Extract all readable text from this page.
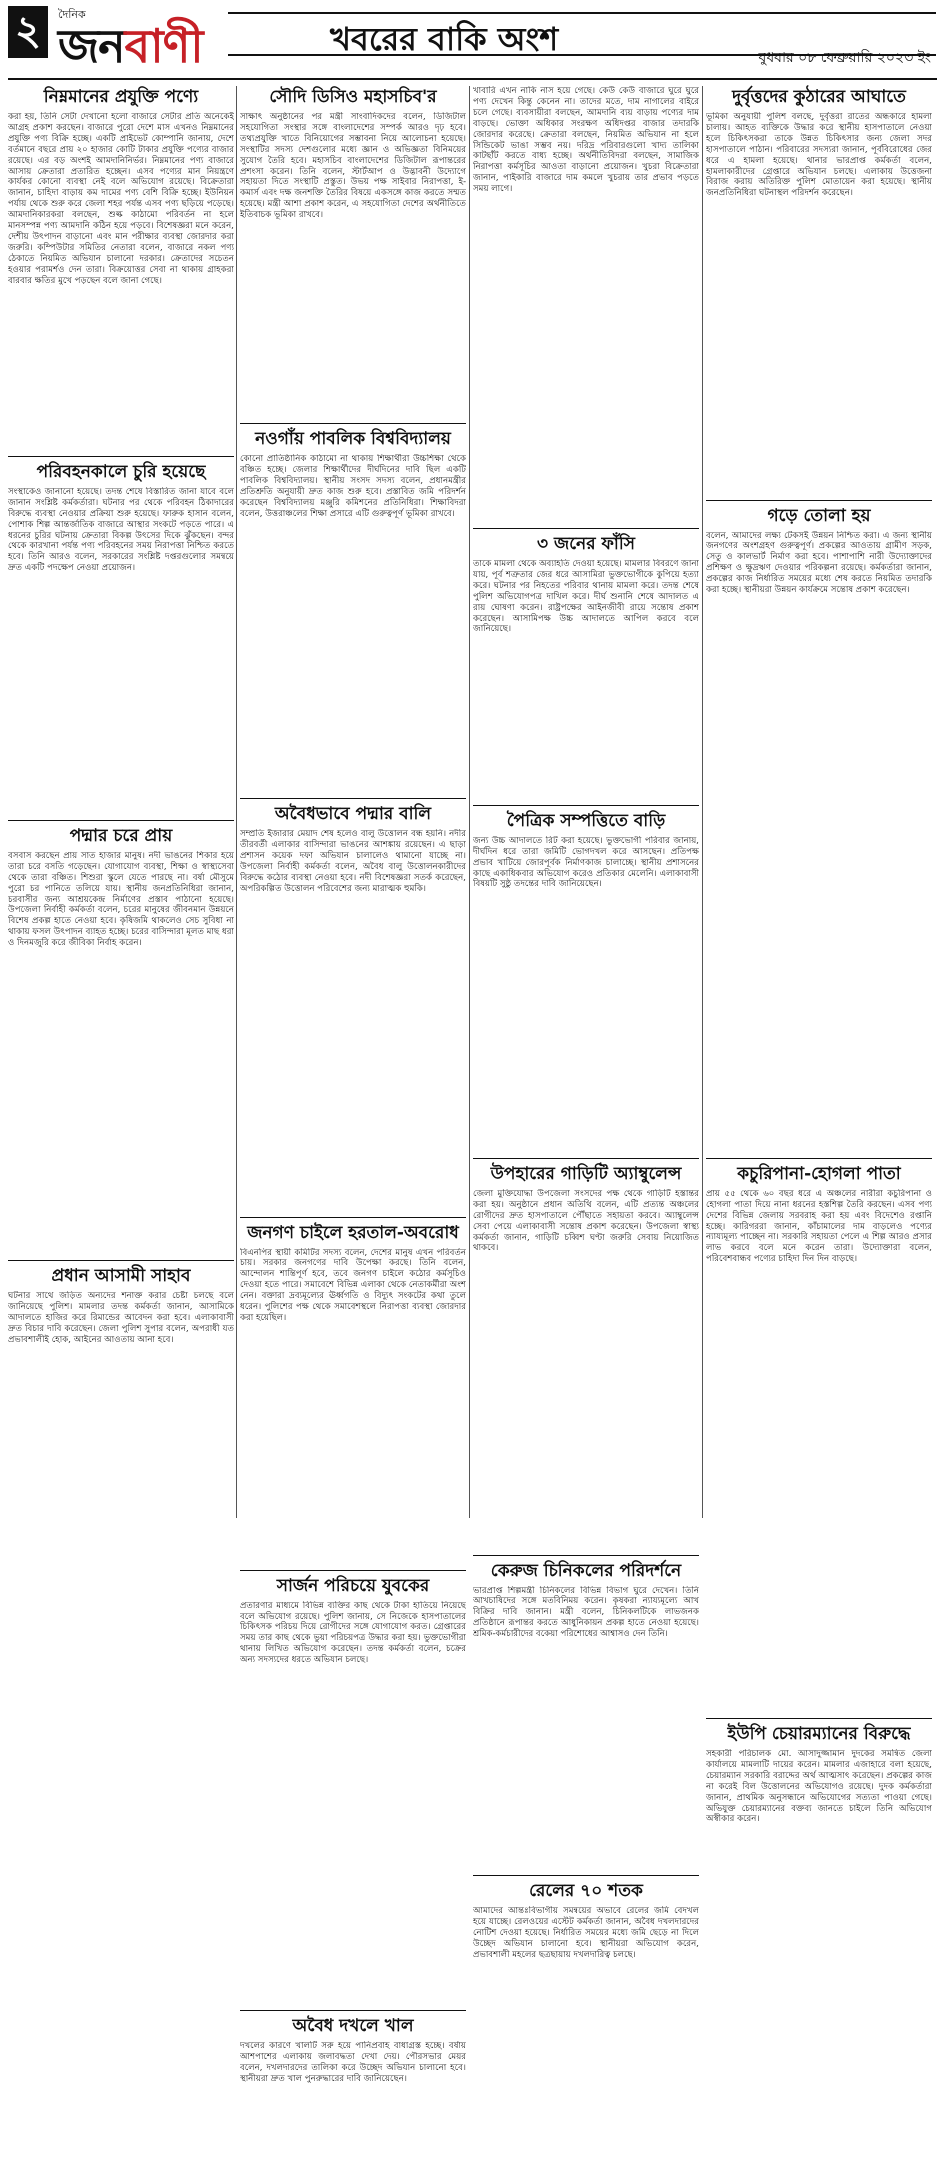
২	দৈনিক
জনবাণী	খবরের বাকি অংশ	বুধবার ০৮ ফেব্রুয়ারি ২০২৩ ইং
নিম্নমানের প্রযুক্তি পণ্যে

করা হয়, তিনি সেটা দেখানো হলো বাজারে সেটার প্রতি অনেকেই আগ্রহ প্রকাশ করছেন। বাজারে পুরো দেশে মাস এখনও নিম্নমানের প্রযুক্তি পণ্য বিক্রি হচ্ছে। একটি প্রাইভেট কোম্পানি জানায়, দেশে বর্তমানে বছরে প্রায় ২০ হাজার কোটি টাকার প্রযুক্তি পণ্যের বাজার রয়েছে। এর বড় অংশই আমদানিনির্ভর। নিম্নমানের পণ্য বাজারে আসায় ক্রেতারা প্রতারিত হচ্ছেন। এসব পণ্যের মান নিয়ন্ত্রণে কার্যকর কোনো ব্যবস্থা নেই বলে অভিযোগ রয়েছে। বিক্রেতারা জানান, চাহিদা বাড়ায় কম দামের পণ্য বেশি বিক্রি হচ্ছে। ইউনিয়ন পর্যায় থেকে শুরু করে জেলা শহর পর্যন্ত এসব পণ্য ছড়িয়ে পড়েছে। আমদানিকারকরা বলছেন, শুল্ক কাঠামো পরিবর্তন না হলে মানসম্পন্ন পণ্য আমদানি কঠিন হয়ে পড়বে। বিশেষজ্ঞরা মনে করেন, দেশীয় উৎপাদন বাড়ানো এবং মান পরীক্ষার ব্যবস্থা জোরদার করা জরুরি। কম্পিউটার সমিতির নেতারা বলেন, বাজারে নকল পণ্য ঠেকাতে নিয়মিত অভিযান চালানো দরকার। ক্রেতাদের সচেতন হওয়ার পরামর্শও দেন তারা। বিক্রয়োত্তর সেবা না থাকায় গ্রাহকরা বারবার ক্ষতির মুখে পড়ছেন বলে জানা গেছে।

পরিবহনকালে চুরি হয়েছে

সংস্থাকেও জানানো হয়েছে। তদন্ত শেষে বিস্তারিত জানা যাবে বলে জানান সংশ্লিষ্ট কর্মকর্তারা। ঘটনার পর থেকে পরিবহন ঠিকাদারের বিরুদ্ধে ব্যবস্থা নেওয়ার প্রক্রিয়া শুরু হয়েছে। ফারুক হাসান বলেন, পোশাক শিল্প আন্তর্জাতিক বাজারে আস্থার সংকটে পড়তে পারে। এ ধরনের চুরির ঘটনায় ক্রেতারা বিকল্প উৎসের দিকে ঝুঁকছেন। বন্দর থেকে কারখানা পর্যন্ত পণ্য পরিবহনের সময় নিরাপত্তা নিশ্চিত করতে হবে। তিনি আরও বলেন, সরকারের সংশ্লিষ্ট দপ্তরগুলোর সমন্বয়ে দ্রুত একটি পদক্ষেপ নেওয়া প্রয়োজন।

পদ্মার চরে প্রায়

বসবাস করছেন প্রায় সাত হাজার মানুষ। নদী ভাঙনের শিকার হয়ে তারা চরে বসতি গড়েছেন। যোগাযোগ ব্যবস্থা, শিক্ষা ও স্বাস্থ্যসেবা থেকে তারা বঞ্চিত। শিশুরা স্কুলে যেতে পারছে না। বর্ষা মৌসুমে পুরো চর পানিতে তলিয়ে যায়। স্থানীয় জনপ্রতিনিধিরা জানান, চরবাসীর জন্য আশ্রয়কেন্দ্র নির্মাণের প্রস্তাব পাঠানো হয়েছে। উপজেলা নির্বাহী কর্মকর্তা বলেন, চরের মানুষের জীবনমান উন্নয়নে বিশেষ প্রকল্প হাতে নেওয়া হবে। কৃষিজমি থাকলেও সেচ সুবিধা না থাকায় ফসল উৎপাদন ব্যাহত হচ্ছে। চরের বাসিন্দারা মূলত মাছ ধরা ও দিনমজুরি করে জীবিকা নির্বাহ করেন।

প্রধান আসামী সাহাব

ঘটনার সাথে জড়িত অন্যদের শনাক্ত করার চেষ্টা চলছে বলে জানিয়েছে পুলিশ। মামলার তদন্ত কর্মকর্তা জানান, আসামিকে আদালতে হাজির করে রিমান্ডের আবেদন করা হবে। এলাকাবাসী দ্রুত বিচার দাবি করেছেন। জেলা পুলিশ সুপার বলেন, অপরাধী যত প্রভাবশালীই হোক, আইনের আওতায় আনা হবে।

সৌদি ডিসিও মহাসচিব'র

সাক্ষাৎ অনুষ্ঠানের পর মন্ত্রী সাংবাদিকদের বলেন, ডিজিটাল সহযোগিতা সংস্থার সঙ্গে বাংলাদেশের সম্পর্ক আরও দৃঢ় হবে। তথ্যপ্রযুক্তি খাতে বিনিয়োগের সম্ভাবনা নিয়ে আলোচনা হয়েছে। সংস্থাটির সদস্য দেশগুলোর মধ্যে জ্ঞান ও অভিজ্ঞতা বিনিময়ের সুযোগ তৈরি হবে। মহাসচিব বাংলাদেশের ডিজিটাল রূপান্তরের প্রশংসা করেন। তিনি বলেন, স্টার্টআপ ও উদ্ভাবনী উদ্যোগে সহায়তা দিতে সংস্থাটি প্রস্তুত। উভয় পক্ষ সাইবার নিরাপত্তা, ই-কমার্স এবং দক্ষ জনশক্তি তৈরির বিষয়ে একসঙ্গে কাজ করতে সম্মত হয়েছে। মন্ত্রী আশা প্রকাশ করেন, এ সহযোগিতা দেশের অর্থনীতিতে ইতিবাচক ভূমিকা রাখবে।

নওগাঁয় পাবলিক বিশ্ববিদ্যালয়

কোনো প্রাতিষ্ঠানিক কাঠামো না থাকায় শিক্ষার্থীরা উচ্চশিক্ষা থেকে বঞ্চিত হচ্ছে। জেলার শিক্ষার্থীদের দীর্ঘদিনের দাবি ছিল একটি পাবলিক বিশ্ববিদ্যালয়। স্থানীয় সংসদ সদস্য বলেন, প্রধানমন্ত্রীর প্রতিশ্রুতি অনুযায়ী দ্রুত কাজ শুরু হবে। প্রস্তাবিত জমি পরিদর্শন করেছেন বিশ্ববিদ্যালয় মঞ্জুরি কমিশনের প্রতিনিধিরা। শিক্ষাবিদরা বলেন, উত্তরাঞ্চলের শিক্ষা প্রসারে এটি গুরুত্বপূর্ণ ভূমিকা রাখবে।

অবৈধভাবে পদ্মার বালি

সম্প্রতি ইজারার মেয়াদ শেষ হলেও বালু উত্তোলন বন্ধ হয়নি। নদীর তীরবর্তী এলাকার বাসিন্দারা ভাঙনের আশঙ্কায় রয়েছেন। এ ছাড়া প্রশাসন কয়েক দফা অভিযান চালালেও থামানো যাচ্ছে না। উপজেলা নির্বাহী কর্মকর্তা বলেন, অবৈধ বালু উত্তোলনকারীদের বিরুদ্ধে কঠোর ব্যবস্থা নেওয়া হবে। নদী বিশেষজ্ঞরা সতর্ক করেছেন, অপরিকল্পিত উত্তোলন পরিবেশের জন্য মারাত্মক হুমকি।

জনগণ চাইলে হরতাল-অবরোধ

বিএনপির স্থায়ী কমিটির সদস্য বলেন, দেশের মানুষ এখন পরিবর্তন চায়। সরকার জনগণের দাবি উপেক্ষা করছে। তিনি বলেন, আন্দোলন শান্তিপূর্ণ হবে, তবে জনগণ চাইলে কঠোর কর্মসূচিও দেওয়া হতে পারে। সমাবেশে বিভিন্ন এলাকা থেকে নেতাকর্মীরা অংশ নেন। বক্তারা দ্রব্যমূল্যের ঊর্ধ্বগতি ও বিদ্যুৎ সংকটের কথা তুলে ধরেন। পুলিশের পক্ষ থেকে সমাবেশস্থলে নিরাপত্তা ব্যবস্থা জোরদার করা হয়েছিল।

সার্জন পরিচয়ে যুবকের

প্রতারণার মাধ্যমে বিভিন্ন ব্যক্তির কাছ থেকে টাকা হাতিয়ে নিয়েছে বলে অভিযোগ রয়েছে। পুলিশ জানায়, সে নিজেকে হাসপাতালের চিকিৎসক পরিচয় দিয়ে রোগীদের সঙ্গে যোগাযোগ করত। গ্রেপ্তারের সময় তার কাছ থেকে ভুয়া পরিচয়পত্র উদ্ধার করা হয়। ভুক্তভোগীরা থানায় লিখিত অভিযোগ করেছেন। তদন্ত কর্মকর্তা বলেন, চক্রের অন্য সদস্যদের ধরতে অভিযান চলছে।

অবৈধ দখলে খাল

দখলের কারণে খালটি সরু হয়ে পানিপ্রবাহ বাধাগ্রস্ত হচ্ছে। বর্ষায় আশপাশের এলাকায় জলাবদ্ধতা দেখা দেয়। পৌরসভার মেয়র বলেন, দখলদারদের তালিকা করে উচ্ছেদ অভিযান চালানো হবে। স্থানীয়রা দ্রুত খাল পুনরুদ্ধারের দাবি জানিয়েছেন।

খাবারি এখন নাকি নাস হয়ে গেছে। কেউ কেউ বাজারে ঘুরে ঘুরে পণ্য দেখেন কিন্তু কেনেন না। তাদের মতে, দাম নাগালের বাইরে চলে গেছে। ব্যবসায়ীরা বলছেন, আমদানি ব্যয় বাড়ায় পণ্যের দাম বাড়ছে। ভোক্তা অধিকার সংরক্ষণ অধিদপ্তর বাজার তদারকি জোরদার করেছে। ক্রেতারা বলছেন, নিয়মিত অভিযান না হলে সিন্ডিকেট ভাঙা সম্ভব নয়। দরিদ্র পরিবারগুলো খাদ্য তালিকা কাটছাঁট করতে বাধ্য হচ্ছে। অর্থনীতিবিদরা বলছেন, সামাজিক নিরাপত্তা কর্মসূচির আওতা বাড়ানো প্রয়োজন। খুচরা বিক্রেতারা জানান, পাইকারি বাজারে দাম কমলে খুচরায় তার প্রভাব পড়তে সময় লাগে।

৩ জনের ফাঁসি

তাকে মামলা থেকে অব্যাহতি দেওয়া হয়েছে। মামলার বিবরণে জানা যায়, পূর্ব শত্রুতার জের ধরে আসামিরা ভুক্তভোগীকে কুপিয়ে হত্যা করে। ঘটনার পর নিহতের পরিবার থানায় মামলা করে। তদন্ত শেষে পুলিশ অভিযোগপত্র দাখিল করে। দীর্ঘ শুনানি শেষে আদালত এ রায় ঘোষণা করেন। রাষ্ট্রপক্ষের আইনজীবী রায়ে সন্তোষ প্রকাশ করেছেন। আসামিপক্ষ উচ্চ আদালতে আপিল করবে বলে জানিয়েছে।

পৈত্রিক সম্পত্তিতে বাড়ি

জন্য উচ্চ আদালতে রিট করা হয়েছে। ভুক্তভোগী পরিবার জানায়, দীর্ঘদিন ধরে তারা জমিটি ভোগদখল করে আসছেন। প্রতিপক্ষ প্রভাব খাটিয়ে জোরপূর্বক নির্মাণকাজ চালাচ্ছে। স্থানীয় প্রশাসনের কাছে একাধিকবার অভিযোগ করেও প্রতিকার মেলেনি। এলাকাবাসী বিষয়টি সুষ্ঠু তদন্তের দাবি জানিয়েছেন।

উপহারের গাড়িটি অ্যাম্বুলেন্স

জেলা মুক্তিযোদ্ধা উপজেলা সংসদের পক্ষ থেকে গাড়িটি হস্তান্তর করা হয়। অনুষ্ঠানে প্রধান অতিথি বলেন, এটি প্রত্যন্ত অঞ্চলের রোগীদের দ্রুত হাসপাতালে পৌঁছাতে সহায়তা করবে। অ্যাম্বুলেন্স সেবা পেয়ে এলাকাবাসী সন্তোষ প্রকাশ করেছেন। উপজেলা স্বাস্থ্য কর্মকর্তা জানান, গাড়িটি চব্বিশ ঘণ্টা জরুরি সেবায় নিয়োজিত থাকবে।

কেরুজ চিনিকলের পরিদর্শনে

ভারপ্রাপ্ত শিল্পমন্ত্রী চিনিকলের বিভিন্ন বিভাগ ঘুরে দেখেন। তিনি আখচাষিদের সঙ্গে মতবিনিময় করেন। কৃষকরা ন্যায্যমূল্যে আখ বিক্রির দাবি জানান। মন্ত্রী বলেন, চিনিকলটিকে লাভজনক প্রতিষ্ঠানে রূপান্তর করতে আধুনিকায়ন প্রকল্প হাতে নেওয়া হয়েছে। শ্রমিক-কর্মচারীদের বকেয়া পরিশোধের আশ্বাসও দেন তিনি।

রেলের ৭০ শতক

আমাদের আন্তঃবিভাগীয় সমন্বয়ের অভাবে রেলের জমি বেদখল হয়ে যাচ্ছে। রেলওয়ের এস্টেট কর্মকর্তা জানান, অবৈধ দখলদারদের নোটিশ দেওয়া হয়েছে। নির্ধারিত সময়ের মধ্যে জমি ছেড়ে না দিলে উচ্ছেদ অভিযান চালানো হবে। স্থানীয়রা অভিযোগ করেন, প্রভাবশালী মহলের ছত্রছায়ায় দখলদারিত্ব চলছে।

দুর্বৃত্তদের কুঠারের আঘাতে

ভূমিকা অনুযায়ী পুলিশ বলছে, দুর্বৃত্তরা রাতের অন্ধকারে হামলা চালায়। আহত ব্যক্তিকে উদ্ধার করে স্থানীয় হাসপাতালে নেওয়া হলে চিকিৎসকরা তাকে উন্নত চিকিৎসার জন্য জেলা সদর হাসপাতালে পাঠান। পরিবারের সদস্যরা জানান, পূর্ববিরোধের জের ধরে এ হামলা হয়েছে। থানার ভারপ্রাপ্ত কর্মকর্তা বলেন, হামলাকারীদের গ্রেপ্তারে অভিযান চলছে। এলাকায় উত্তেজনা বিরাজ করায় অতিরিক্ত পুলিশ মোতায়েন করা হয়েছে। স্থানীয় জনপ্রতিনিধিরা ঘটনাস্থল পরিদর্শন করেছেন।

গড়ে তোলা হয়

বলেন, আমাদের লক্ষ্য টেকসই উন্নয়ন নিশ্চিত করা। এ জন্য স্থানীয় জনগণের অংশগ্রহণ গুরুত্বপূর্ণ। প্রকল্পের আওতায় গ্রামীণ সড়ক, সেতু ও কালভার্ট নির্মাণ করা হবে। পাশাপাশি নারী উদ্যোক্তাদের প্রশিক্ষণ ও ক্ষুদ্রঋণ দেওয়ার পরিকল্পনা রয়েছে। কর্মকর্তারা জানান, প্রকল্পের কাজ নির্ধারিত সময়ের মধ্যে শেষ করতে নিয়মিত তদারকি করা হচ্ছে। স্থানীয়রা উন্নয়ন কার্যক্রমে সন্তোষ প্রকাশ করেছেন।

কচুরিপানা-হোগলা পাতা

প্রায় ৫৫ থেকে ৬০ বছর ধরে এ অঞ্চলের নারীরা কচুরিপানা ও হোগলা পাতা দিয়ে নানা ধরনের হস্তশিল্প তৈরি করছেন। এসব পণ্য দেশের বিভিন্ন জেলায় সরবরাহ করা হয় এবং বিদেশেও রপ্তানি হচ্ছে। কারিগররা জানান, কাঁচামালের দাম বাড়লেও পণ্যের ন্যায্যমূল্য পাচ্ছেন না। সরকারি সহায়তা পেলে এ শিল্প আরও প্রসার লাভ করবে বলে মনে করেন তারা। উদ্যোক্তারা বলেন, পরিবেশবান্ধব পণ্যের চাহিদা দিন দিন বাড়ছে।

ইউপি চেয়ারম্যানের বিরুদ্ধে

সহকারী পরিচালক মো. আসাদুজ্জামান দুদকের সমন্বিত জেলা কার্যালয়ে মামলাটি দায়ের করেন। মামলার এজাহারে বলা হয়েছে, চেয়ারম্যান সরকারি বরাদ্দের অর্থ আত্মসাৎ করেছেন। প্রকল্পের কাজ না করেই বিল উত্তোলনের অভিযোগও রয়েছে। দুদক কর্মকর্তারা জানান, প্রাথমিক অনুসন্ধানে অভিযোগের সত্যতা পাওয়া গেছে। অভিযুক্ত চেয়ারম্যানের বক্তব্য জানতে চাইলে তিনি অভিযোগ অস্বীকার করেন।
